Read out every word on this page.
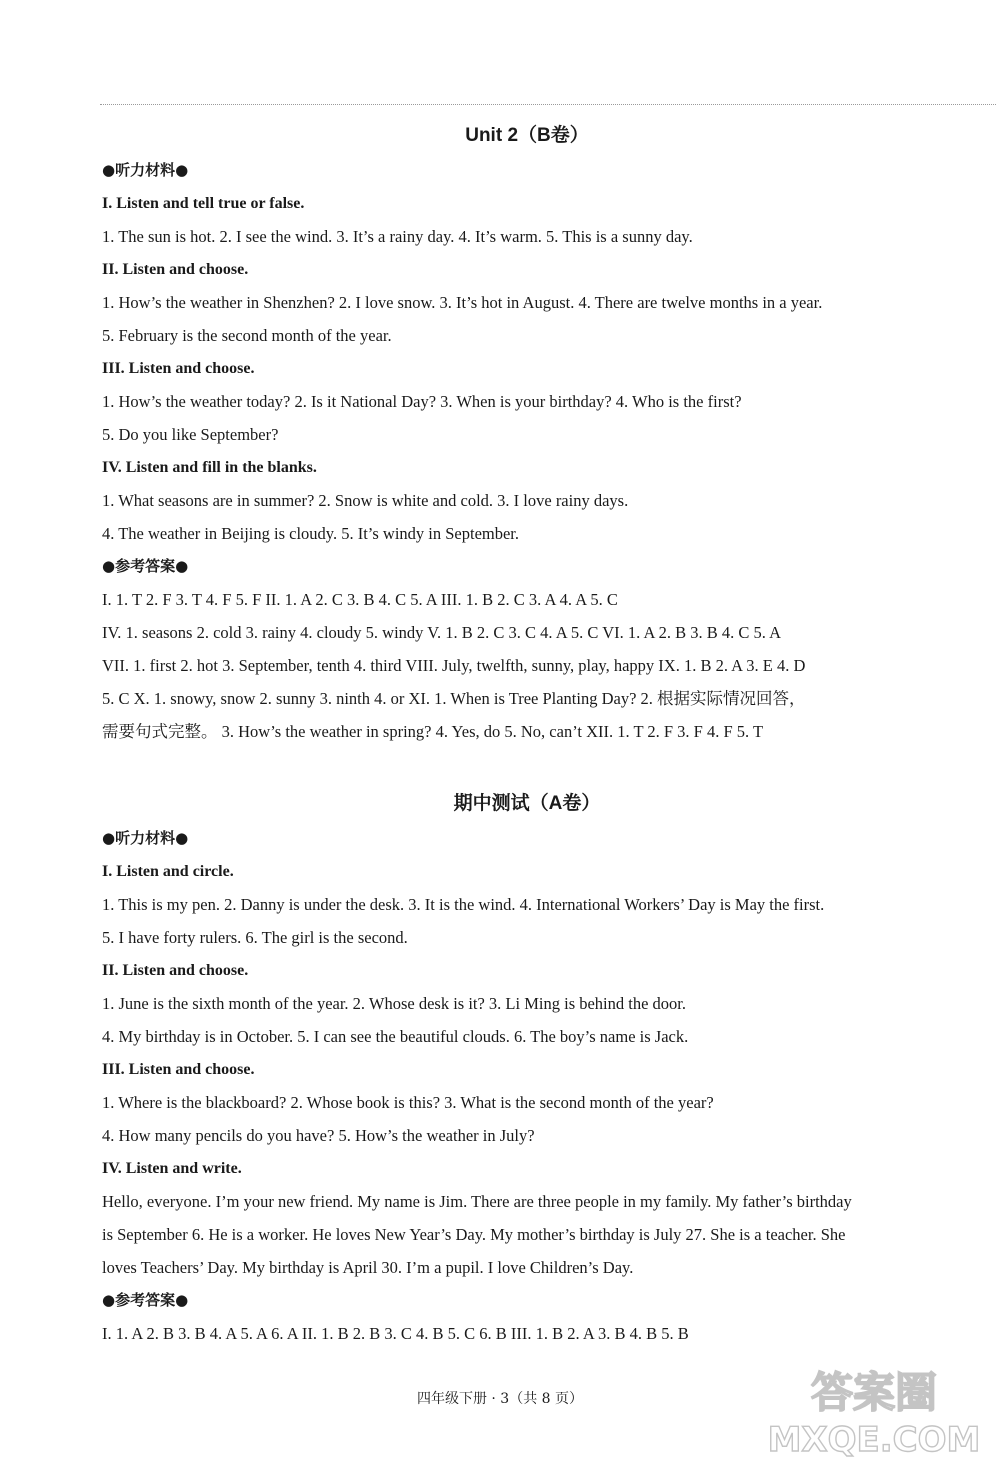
Unit 2（B卷）
●听力材料●
I. Listen and tell true or false.
1. The sun is hot. 2. I see the wind. 3. It’s a rainy day. 4. It’s warm. 5. This is a sunny day.
II. Listen and choose.
1. How’s the weather in Shenzhen? 2. I love snow. 3. It’s hot in August. 4. There are twelve months in a year.
5. February is the second month of the year.
III. Listen and choose.
1. How’s the weather today? 2. Is it National Day? 3. When is your birthday? 4. Who is the first?
5. Do you like September?
IV. Listen and fill in the blanks.
1. What seasons are in summer? 2. Snow is white and cold. 3. I love rainy days.
4. The weather in Beijing is cloudy. 5. It’s windy in September.
●参考答案●
I. 1. T 2. F 3. T 4. F 5. F II. 1. A 2. C 3. B 4. C 5. A III. 1. B 2. C 3. A 4. A 5. C
IV. 1. seasons 2. cold 3. rainy 4. cloudy 5. windy V. 1. B 2. C 3. C 4. A 5. C VI. 1. A 2. B 3. B 4. C 5. A
VII. 1. first 2. hot 3. September, tenth 4. third VIII. July, twelfth, sunny, play, happy IX. 1. B 2. A 3. E 4. D
5. C X. 1. snowy, snow 2. sunny 3. ninth 4. or XI. 1. When is Tree Planting Day? 2. 根据实际情况回答，
需要句式完整。 3. How’s the weather in spring? 4. Yes, do 5. No, can’t XII. 1. T 2. F 3. F 4. F 5. T
期中测试（A卷）
●听力材料●
I. Listen and circle.
1. This is my pen. 2. Danny is under the desk. 3. It is the wind. 4. International Workers’ Day is May the first.
5. I have forty rulers. 6. The girl is the second.
II. Listen and choose.
1. June is the sixth month of the year. 2. Whose desk is it? 3. Li Ming is behind the door.
4. My birthday is in October. 5. I can see the beautiful clouds. 6. The boy’s name is Jack.
III. Listen and choose.
1. Where is the blackboard? 2. Whose book is this? 3. What is the second month of the year?
4. How many pencils do you have? 5. How’s the weather in July?
IV. Listen and write.
Hello, everyone. I’m your new friend. My name is Jim. There are three people in my family. My father’s birthday
is September 6. He is a worker. He loves New Year’s Day. My mother’s birthday is July 27. She is a teacher. She
loves Teachers’ Day. My birthday is April 30. I’m a pupil. I love Children’s Day.
●参考答案●
I. 1. A 2. B 3. B 4. A 5. A 6. A II. 1. B 2. B 3. C 4. B 5. C 6. B III. 1. B 2. A 3. B 4. B 5. B
四年级下册 · 3（共 8 页）	答案圈
MXQE.COM
